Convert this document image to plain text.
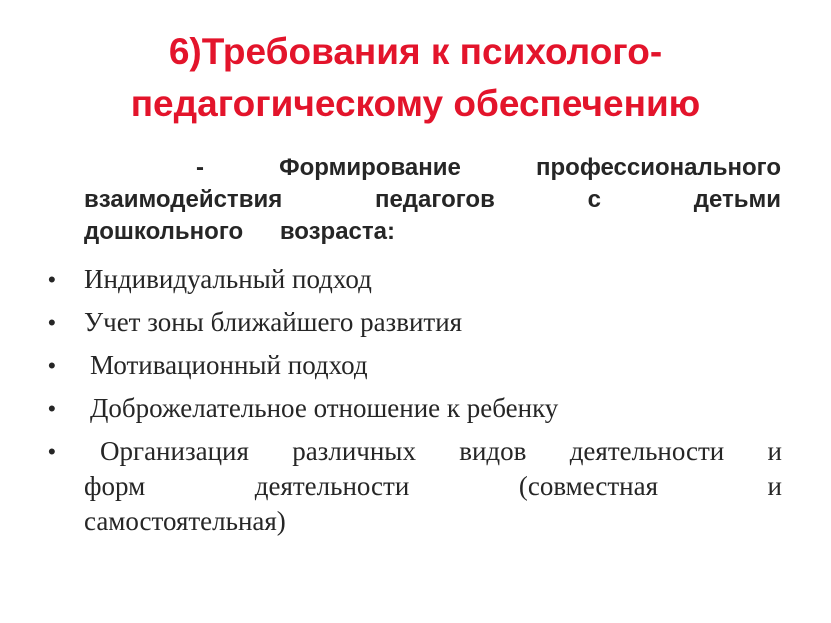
6)Требования к психолого-
педагогическому обеспечению
- Формирование профессионального
взаимодействия педагогов с детьми
дошкольного возраста:
• Индивидуальный подход
• Учет зоны ближайшего развития
• Мотивационный подход
• Доброжелательное отношение к ребенку
•	Организация различных видов деятельности и
форм деятельности (совместная и
самостоятельная)
